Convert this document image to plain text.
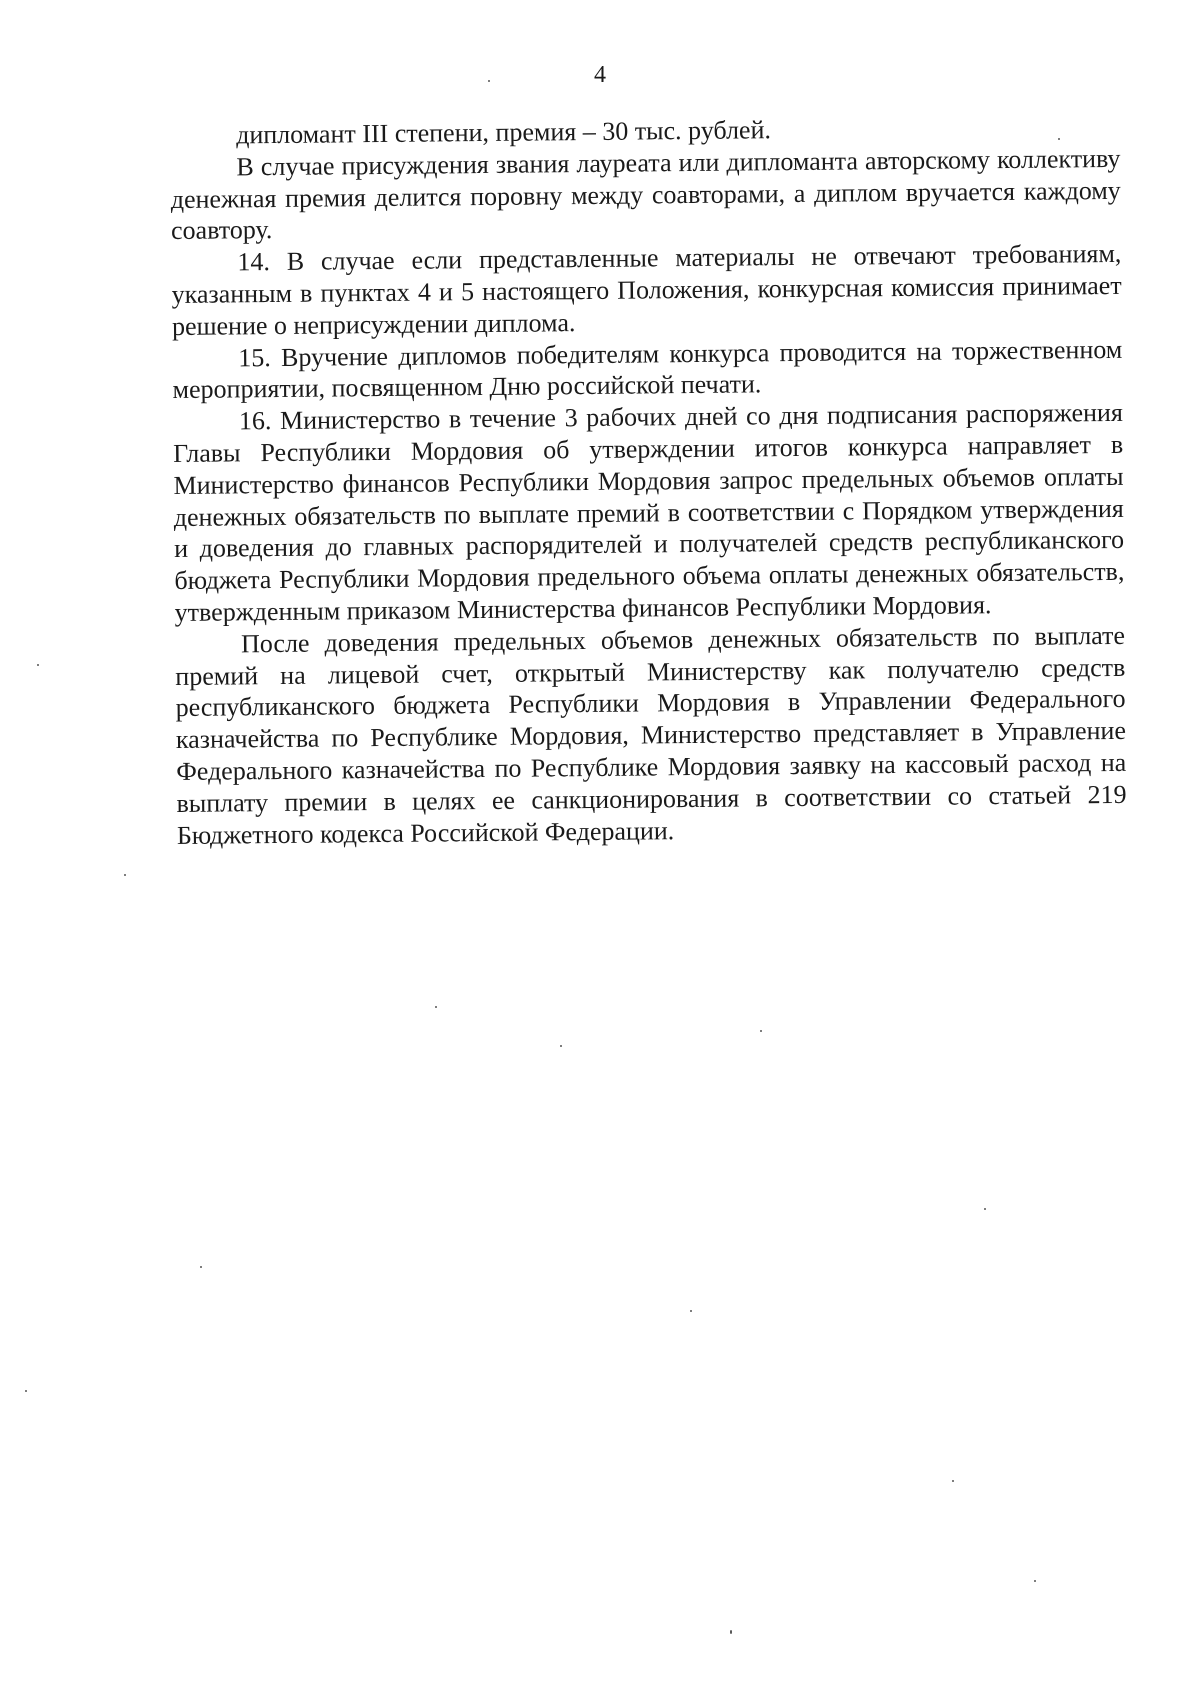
4

дипломант III степени, премия – 30 тыс. рублей.

В случае присуждения звания лауреата или дипломанта авторскому коллективу денежная премия делится поровну между соавторами, а диплом вручается каждому соавтору.

14. В случае если представленные материалы не отвечают требованиям, указанным в пунктах 4 и 5 настоящего Положения, конкурсная комиссия принимает решение о неприсуждении диплома.

15. Вручение дипломов победителям конкурса проводится на торжественном мероприятии, посвященном Дню российской печати.

16. Министерство в течение 3 рабочих дней со дня подписания распоряжения Главы Республики Мордовия об утверждении итогов конкурса направляет в Министерство финансов Республики Мордовия запрос предельных объемов оплаты денежных обязательств по выплате премий в соответствии с Порядком утверждения и доведения до главных распорядителей и получателей средств республиканского бюджета Республики Мордовия предельного объема оплаты денежных обязательств, утвержденным приказом Министерства финансов Республики Мордовия.

После доведения предельных объемов денежных обязательств по выплате премий на лицевой счет, открытый Министерству как получателю средств республиканского бюджета Республики Мордовия в Управлении Федерального казначейства по Республике Мордовия, Министерство представляет в Управление Федерального казначейства по Республике Мордовия заявку на кассовый расход на выплату премии в целях ее санкционирования в соответствии со статьей 219 Бюджетного кодекса Российской Федерации.
